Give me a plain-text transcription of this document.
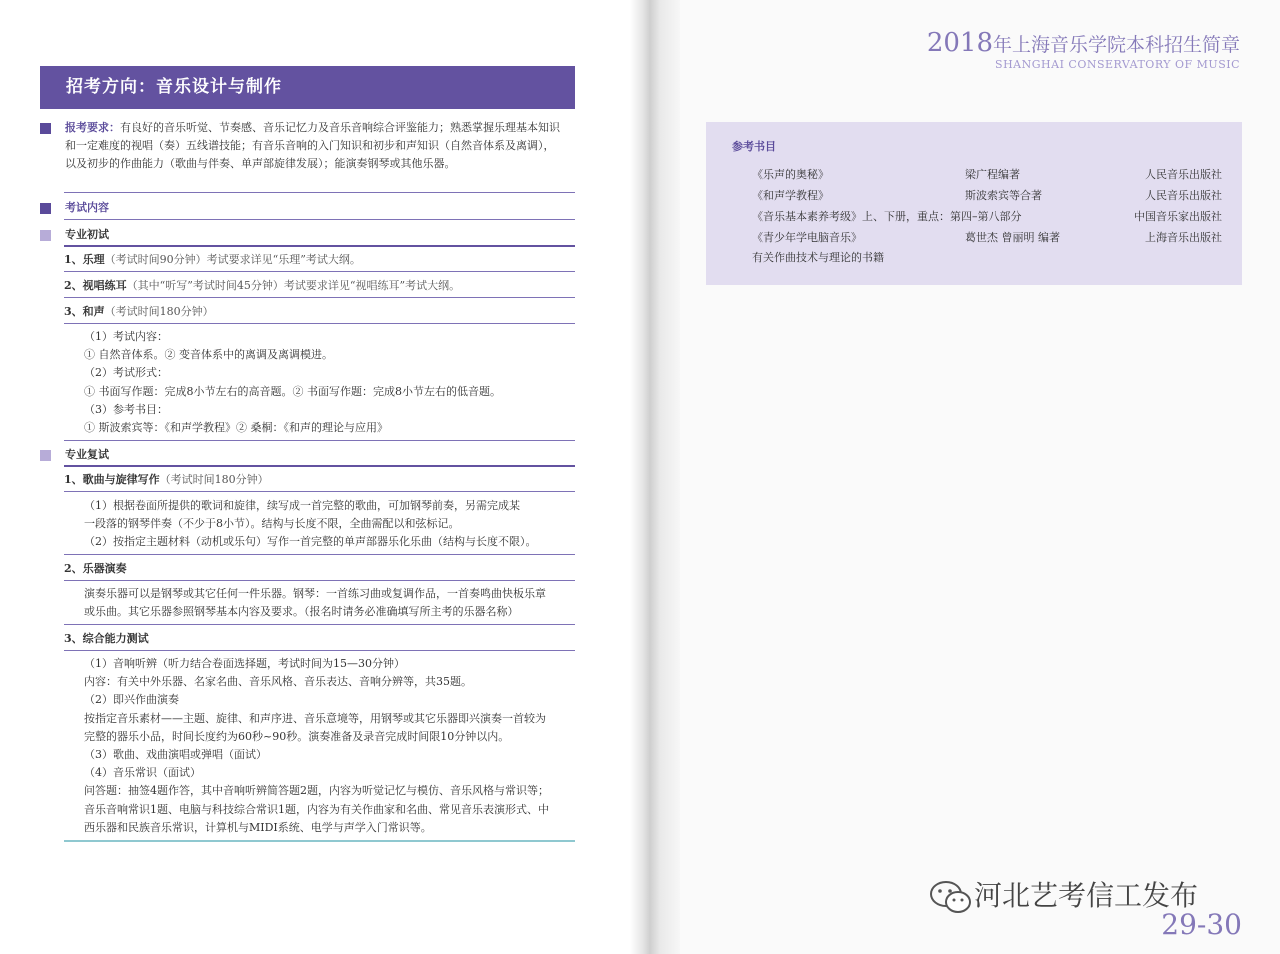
招考方向：音乐设计与制作
报考要求：有良好的音乐听觉、节奏感、音乐记忆力及音乐音响综合评鉴能力；熟悉掌握乐理基本知识和一定难度的视唱（奏）五线谱技能；有音乐音响的入门知识和初步和声知识（自然音体系及离调），以及初步的作曲能力（歌曲与伴奏、单声部旋律发展）；能演奏钢琴或其他乐器。
考试内容
专业初试
1、乐理（考试时间90分钟）考试要求详见“乐理”考试大纲。
2、视唱练耳（其中“听写”考试时间45分钟）考试要求详见“视唱练耳”考试大纲。
3、和声（考试时间180分钟）
（1）考试内容：
① 自然音体系。② 变音体系中的离调及离调模进。
（2）考试形式：
① 书面写作题：完成8小节左右的高音题。② 书面写作题：完成8小节左右的低音题。
（3）参考书目：
① 斯波索宾等：《和声学教程》② 桑桐：《和声的理论与应用》
专业复试
1、歌曲与旋律写作（考试时间180分钟）
（1）根据卷面所提供的歌词和旋律，续写成一首完整的歌曲，可加钢琴前奏，另需完成某
一段落的钢琴伴奏（不少于8小节）。结构与长度不限，全曲需配以和弦标记。
（2）按指定主题材料（动机或乐句）写作一首完整的单声部器乐化乐曲（结构与长度不限）。
2、乐器演奏
演奏乐器可以是钢琴或其它任何一件乐器。钢琴：一首练习曲或复调作品，一首奏鸣曲快板乐章
或乐曲。其它乐器参照钢琴基本内容及要求。（报名时请务必准确填写所主考的乐器名称）
3、综合能力测试
（1）音响听辨（听力结合卷面选择题，考试时间为15—30分钟）
内容：有关中外乐器、名家名曲、音乐风格、音乐表达、音响分辨等，共35题。
（2）即兴作曲演奏
按指定音乐素材——主题、旋律、和声序进、音乐意境等，用钢琴或其它乐器即兴演奏一首较为
完整的器乐小品，时间长度约为60秒~90秒。演奏准备及录音完成时间限10分钟以内。
（3）歌曲、戏曲演唱或弹唱（面试）
（4）音乐常识（面试）
问答题：抽签4题作答，其中音响听辨简答题2题，内容为听觉记忆与模仿、音乐风格与常识等；
音乐音响常识1题、电脑与科技综合常识1题，内容为有关作曲家和名曲、常见音乐表演形式、中
西乐器和民族音乐常识，计算机与MIDI系统、电学与声学入门常识等。
2018年上海音乐学院本科招生简章
SHANGHAI CONSERVATORY OF MUSIC
参考书目
《乐声的奥秘》	梁广程编著	人民音乐出版社
《和声学教程》	斯波索宾等合著	人民音乐出版社
《音乐基本素养考级》上、下册，重点：第四–第八部分	中国音乐家出版社
《青少年学电脑音乐》	葛世杰 曾丽明 编著	上海音乐出版社
有关作曲技术与理论的书籍
河北艺考信工发布
29-30
